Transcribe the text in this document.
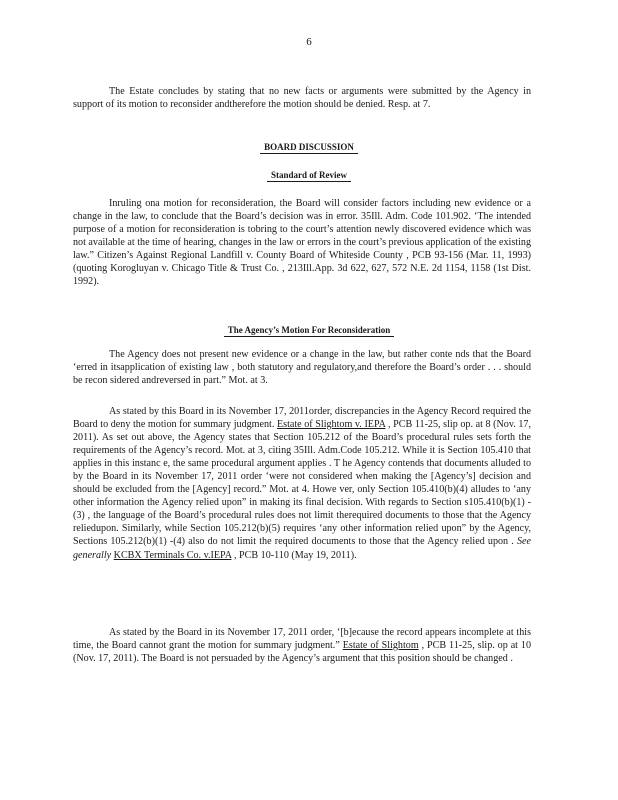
6

The Estate concludes by stating that no new facts or arguments were submitted by the Agency in support of its motion to reconsider andtherefore the motion should be denied. Resp. at 7.

BOARD DISCUSSION
Standard of Review

Inruling ona motion for reconsideration, the Board will consider factors including new evidence or a change in the law, to conclude that the Board’s decision was in error. 35Ill. Adm. Code 101.902. ‘The intended purpose of a motion for reconsideration is tobring to the court’s attention newly discovered evidence which was not available at the time of hearing, changes in the law or errors in the court’s previous application of the existing law.” Citizen’s Against Regional Landfill v. County Board of Whiteside County , PCB 93-156 (Mar. 11, 1993) (quoting Korogluyan v. Chicago Title & Trust Co. , 213Ill.App. 3d 622, 627, 572 N.E. 2d 1154, 1158 (1st Dist. 1992).

The Agency’s Motion For Reconsideration

The Agency does not present new evidence or a change in the law, but rather conte nds that the Board ‘erred in itsapplication of existing law , both statutory and regulatory,and therefore the Board’s order . . . should be recon sidered andreversed in part.” Mot. at 3.

As stated by this Board in its November 17, 2011order, discrepancies in the Agency Record required the Board to deny the motion for summary judgment. Estate of Slightom v. IEPA , PCB 11-25, slip op. at 8 (Nov. 17, 2011). As set out above, the Agency states that Section 105.212 of the Board’s procedural rules sets forth the requirements of the Agency’s record. Mot. at 3, citing 35Ill. Adm.Code 105.212. While it is Section 105.410 that applies in this instanc e, the same procedural argument applies . T he Agency contends that documents alluded to by the Board in its November 17, 2011 order ‘were not considered when making the [Agency’s] decision and should be excluded from the [Agency] record.” Mot. at 4. Howe ver, only Section 105.410(b)(4) alludes to ‘any other information the Agency relied upon” in making its final decision. With regards to Section s105.410(b)(1) - (3) , the language of the Board’s procedural rules does not limit therequired documents to those that the Agency reliedupon. Similarly, while Section 105.212(b)(5) requires ‘any other information relied upon” by the Agency, Sections 105.212(b)(1) -(4) also do not limit the required documents to those that the Agency relied upon . See generally KCBX Terminals Co. v.IEPA , PCB 10-110 (May 19, 2011).

As stated by the Board in its November 17, 2011 order, ‘[b]ecause the record appears incomplete at this time, the Board cannot grant the motion for summary judgment.” Estate of Slightom , PCB 11-25, slip. op at 10 (Nov. 17, 2011). The Board is not persuaded by the Agency’s argument that this position should be changed .
